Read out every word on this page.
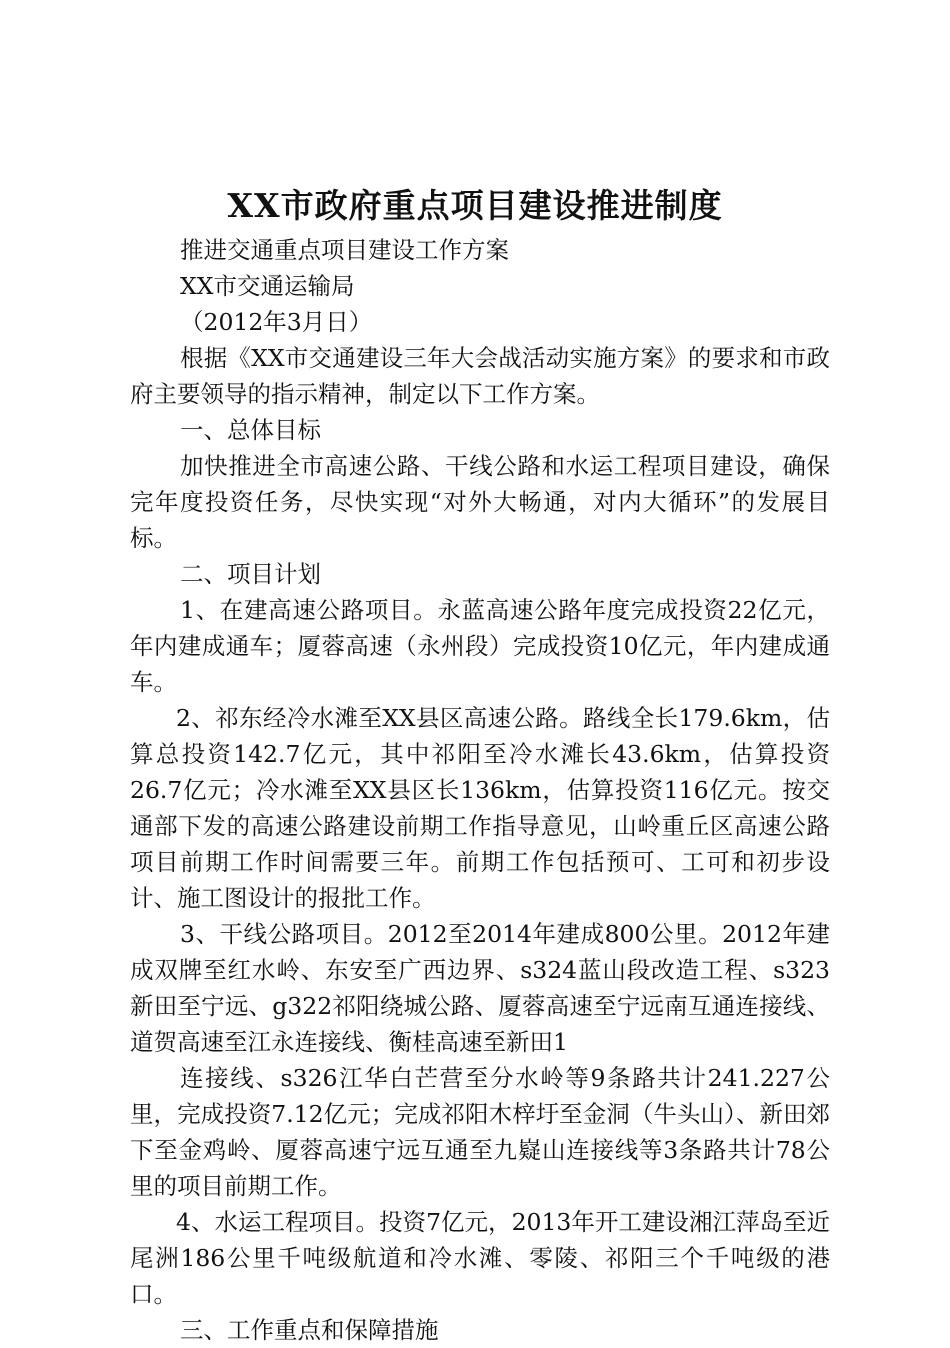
XX市政府重点项目建设推进制度

推进交通重点项目建设工作方案

XX市交通运输局

（2012年3月日）

根据《XX市交通建设三年大会战活动实施方案》的要求和市政府主要领导的指示精神，制定以下工作方案。

一、总体目标

加快推进全市高速公路、干线公路和水运工程项目建设，确保完年度投资任务，尽快实现“对外大畅通，对内大循环”的发展目标。

二、项目计划

1、在建高速公路项目。永蓝高速公路年度完成投资22亿元，年内建成通车；厦蓉高速（永州段）完成投资10亿元，年内建成通车。

2、祁东经冷水滩至XX县区高速公路。路线全长179.6km，估算总投资142.7亿元，其中祁阳至冷水滩长43.6km，估算投资26.7亿元；冷水滩至XX县区长136km，估算投资116亿元。按交通部下发的高速公路建设前期工作指导意见，山岭重丘区高速公路项目前期工作时间需要三年。前期工作包括预可、工可和初步设计、施工图设计的报批工作。

3、干线公路项目。2012至2014年建成800公里。2012年建成双牌至红水岭、东安至广西边界、s324蓝山段改造工程、s323新田至宁远、g322祁阳绕城公路、厦蓉高速至宁远南互通连接线、道贺高速至江永连接线、衡桂高速至新田1

连接线、s326江华白芒营至分水岭等9条路共计241.227公里，完成投资7.12亿元；完成祁阳木梓圩至金洞（牛头山）、新田郊下至金鸡岭、厦蓉高速宁远互通至九嶷山连接线等3条路共计78公里的项目前期工作。

4、水运工程项目。投资7亿元，2013年开工建设湘江萍岛至近尾洲186公里千吨级航道和冷水滩、零陵、祁阳三个千吨级的港口。

三、工作重点和保障措施
